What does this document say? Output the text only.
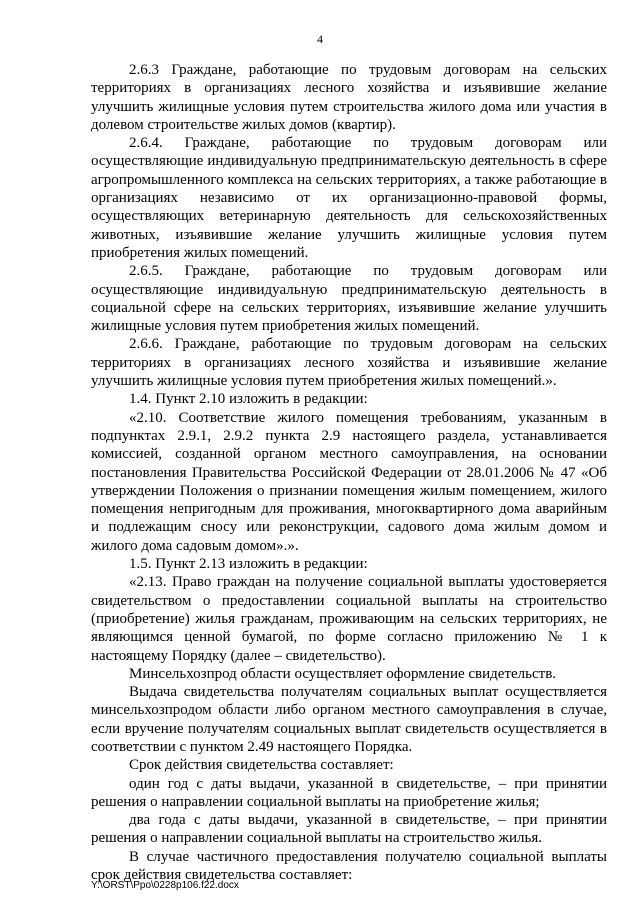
4

2.6.3 Граждане, работающие по трудовым договорам на сельских территориях в организациях лесного хозяйства и изъявившие желание улучшить жилищные условия путем строительства жилого дома или участия в долевом строительстве жилых домов (квартир).

2.6.4. Граждане, работающие по трудовым договорам или осуществляющие индивидуальную предпринимательскую деятельность в сфере агропромышленного комплекса на сельских территориях, а также работающие в организациях независимо от их организационно-правовой формы, осуществляющих ветеринарную деятельность для сельскохозяйственных животных, изъявившие желание улучшить жилищные условия путем приобретения жилых помещений.

2.6.5. Граждане, работающие по трудовым договорам или осуществляющие индивидуальную предпринимательскую деятельность в социальной сфере на сельских территориях, изъявившие желание улучшить жилищные условия путем приобретения жилых помещений.

2.6.6. Граждане, работающие по трудовым договорам на сельских территориях в организациях лесного хозяйства и изъявившие желание улучшить жилищные условия путем приобретения жилых помещений.».

1.4. Пункт 2.10 изложить в редакции:

«2.10. Соответствие жилого помещения требованиям, указанным в подпунктах 2.9.1, 2.9.2 пункта 2.9 настоящего раздела, устанавливается комиссией, созданной органом местного самоуправления, на основании постановления Правительства Российской Федерации от 28.01.2006 № 47 «Об утверждении Положения о признании помещения жилым помещением, жилого помещения непригодным для проживания, многоквартирного дома аварийным и подлежащим сносу или реконструкции, садового дома жилым домом и жилого дома садовым домом».».

1.5. Пункт 2.13 изложить в редакции:

«2.13. Право граждан на получение социальной выплаты удостоверяется свидетельством о предоставлении социальной выплаты на строительство (приобретение) жилья гражданам, проживающим на сельских территориях, не являющимся ценной бумагой, по форме согласно приложению № 1 к настоящему Порядку (далее – свидетельство).

Минсельхозпрод области осуществляет оформление свидетельств.

Выдача свидетельства получателям социальных выплат осуществляется минсельхозпродом области либо органом местного самоуправления в случае, если вручение получателям социальных выплат свидетельств осуществляется в соответствии с пунктом 2.49 настоящего Порядка.

Срок действия свидетельства составляет:

один год с даты выдачи, указанной в свидетельстве, – при принятии решения о направлении социальной выплаты на приобретение жилья;

два года с даты выдачи, указанной в свидетельстве, – при принятии решения о направлении социальной выплаты на строительство жилья.

В случае частичного предоставления получателю социальной выплаты срок действия свидетельства составляет:

Y:\ORST\Ppo\0228p106.f22.docx
